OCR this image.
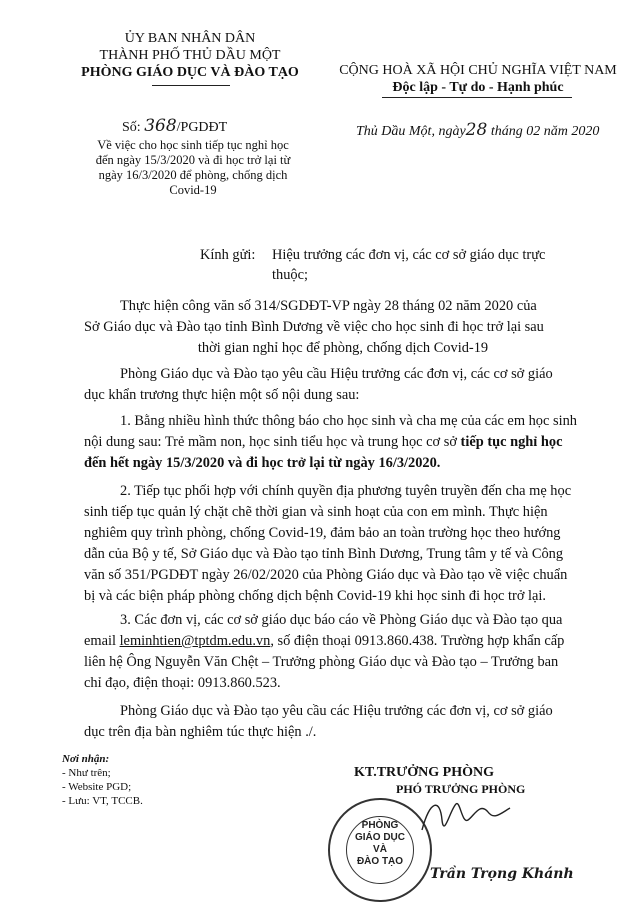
ỦY BAN NHÂN DÂN
THÀNH PHỐ THỦ DẦU MỘT
PHÒNG GIÁO DỤC VÀ ĐÀO TẠO
Số: 368/PGDĐT
Về việc cho học sinh tiếp tục nghỉ học
đến ngày 15/3/2020 và đi học trở lại từ
ngày 16/3/2020 để phòng, chống dịch
Covid-19
CỘNG HOÀ XÃ HỘI CHỦ NGHĨA VIỆT NAM
Độc lập - Tự do - Hạnh phúc
Thủ Dầu Một, ngày28 tháng 02 năm 2020
Kính gửi: Hiệu trưởng các đơn vị, các cơ sở giáo dục trực
thuộc;
Thực hiện công văn số 314/SGDĐT-VP ngày 28 tháng 02 năm 2020 của
Sở Giáo dục và Đào tạo tỉnh Bình Dương về việc cho học sinh đi học trở lại sau
thời gian nghỉ học để phòng, chống dịch Covid-19
Phòng Giáo dục và Đào tạo yêu cầu Hiệu trưởng các đơn vị, các cơ sở giáo
dục khẩn trương thực hiện một số nội dung sau:
1. Bằng nhiều hình thức thông báo cho học sinh và cha mẹ của các em học sinh
nội dung sau: Trẻ mầm non, học sinh tiểu học và trung học cơ sở tiếp tục nghỉ học
đến hết ngày 15/3/2020 và đi học trở lại từ ngày 16/3/2020.
2. Tiếp tục phối hợp với chính quyền địa phương tuyên truyền đến cha mẹ học
sinh tiếp tục quản lý chặt chẽ thời gian và sinh hoạt của con em mình. Thực hiện
nghiêm quy trình phòng, chống Covid-19, đảm bảo an toàn trường học theo hướng
dẫn của Bộ y tế, Sở Giáo dục và Đào tạo tỉnh Bình Dương, Trung tâm y tế và Công
văn số 351/PGDĐT ngày 26/02/2020 của Phòng Giáo dục và Đào tạo về việc chuẩn
bị và các biện pháp phòng chống dịch bệnh Covid-19 khi học sinh đi học trở lại.
3. Các đơn vị, các cơ sở giáo dục báo cáo về Phòng Giáo dục và Đào tạo qua
email leminhtien@tptdm.edu.vn, số điện thoại 0913.860.438. Trường hợp khẩn cấp
liên hệ Ông Nguyễn Văn Chệt – Trưởng phòng Giáo dục và Đào tạo – Trưởng ban
chỉ đạo, điện thoại: 0913.860.523.
Phòng Giáo dục và Đào tạo yêu cầu các Hiệu trưởng các đơn vị, cơ sở giáo
dục trên địa bàn nghiêm túc thực hiện ./.
Nơi nhận:
- Như trên;
- Website PGD;
- Lưu: VT, TCCB.
KT.TRƯỞNG PHÒNG
PHÓ TRƯỞNG PHÒNG
PHÒNG
GIÁO DỤC
VÀ
ĐÀO TẠO
Trần Trọng Khánh
